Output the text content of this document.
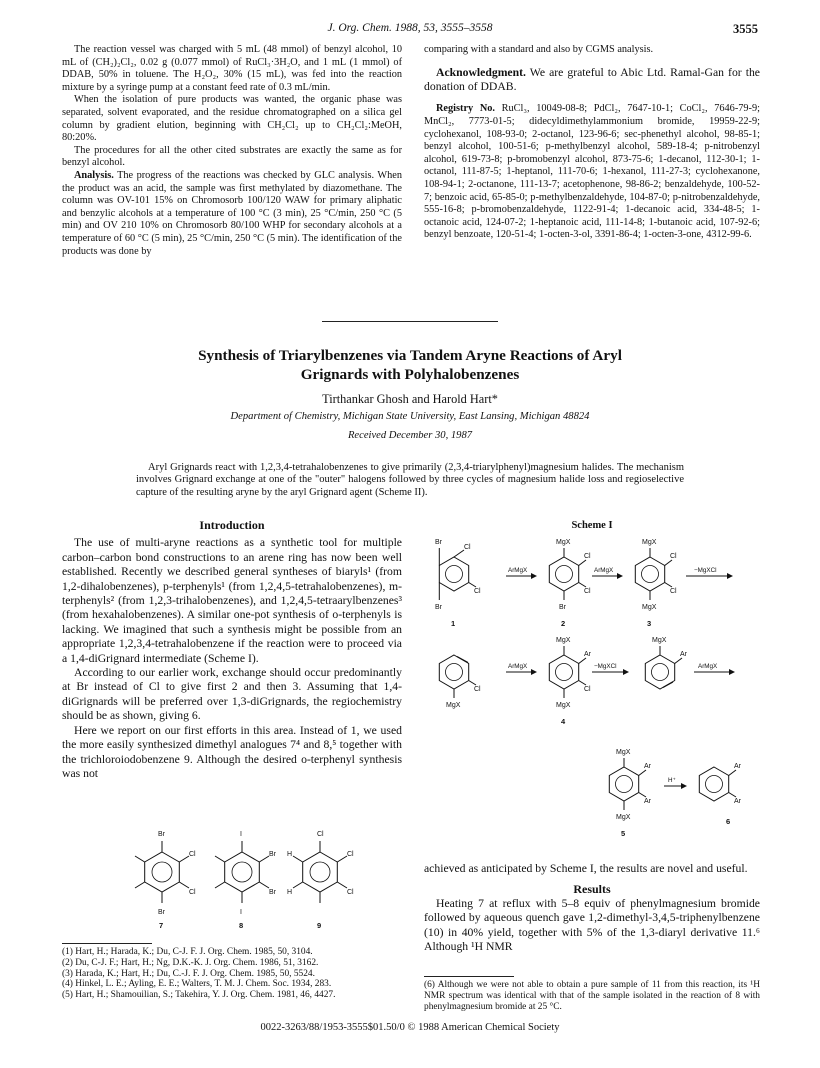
J. Org. Chem. 1988, 53, 3555–3558	3555

The reaction vessel was charged with 5 mL (48 mmol) of benzyl alcohol, 10 mL of (CH₂)₂Cl₂, 0.02 g (0.077 mmol) of RuCl₃·3H₂O, and 1 mL (1 mmol) of DDAB, 50% in toluene. The H₂O₂, 30% (15 mL), was fed into the reaction mixture by a syringe pump at a constant feed rate of 0.3 mL/min.

When the isolation of pure products was wanted, the organic phase was separated, solvent evaporated, and the residue chromatographed on a silica gel column by gradient elution, beginning with CH₂Cl₂ up to CH₂Cl₂:MeOH, 80:20%.

The procedures for all the other cited substrates are exactly the same as for benzyl alcohol.

Analysis. The progress of the reactions was checked by GLC analysis. When the product was an acid, the sample was first methylated by diazomethane. The column was OV-101 15% on Chromosorb 100/120 WAW for primary aliphatic and benzylic alcohols at a temperature of 100 °C (3 min), 25 °C/min, 250 °C (5 min) and OV 210 10% on Chromosorb 80/100 WHP for secondary alcohols at a temperature of 60 °C (5 min), 25 °C/min, 250 °C (5 min). The identification of the products was done by

comparing with a standard and also by CGMS analysis.

Acknowledgment. We are grateful to Abic Ltd. Ramal-Gan for the donation of DDAB.

Registry No. RuCl₃, 10049-08-8; PdCl₂, 7647-10-1; CoCl₂, 7646-79-9; MnCl₂, 7773-01-5; didecyldimethylammonium bromide, 19959-22-9; cyclohexanol, 108-93-0; 2-octanol, 123-96-6; sec-phenethyl alcohol, 98-85-1; benzyl alcohol, 100-51-6; p-methylbenzyl alcohol, 589-18-4; p-nitrobenzyl alcohol, 619-73-8; p-bromobenzyl alcohol, 873-75-6; 1-decanol, 112-30-1; 1-octanol, 111-87-5; 1-heptanol, 111-70-6; 1-hexanol, 111-27-3; cyclohexanone, 108-94-1; 2-octanone, 111-13-7; acetophenone, 98-86-2; benzaldehyde, 100-52-7; benzoic acid, 65-85-0; p-methylbenzaldehyde, 104-87-0; p-nitrobenzaldehyde, 555-16-8; p-bromobenzaldehyde, 1122-91-4; 1-decanoic acid, 334-48-5; 1-octanoic acid, 124-07-2; 1-heptanoic acid, 111-14-8; 1-butanoic acid, 107-92-6; benzyl benzoate, 120-51-4; 1-octen-3-ol, 3391-86-4; 1-octen-3-one, 4312-99-6.

Synthesis of Triarylbenzenes via Tandem Aryne Reactions of Aryl
Grignards with Polyhalobenzenes
Tirthankar Ghosh and Harold Hart*
Department of Chemistry, Michigan State University, East Lansing, Michigan 48824
Received December 30, 1987
Aryl Grignards react with 1,2,3,4-tetrahalobenzenes to give primarily (2,3,4-triarylphenyl)magnesium halides. The mechanism involves Grignard exchange at one of the "outer" halogens followed by three cycles of magnesium halide loss and regioselective capture of the resulting aryne by the aryl Grignard agent (Scheme II).

Introduction

The use of multi-aryne reactions as a synthetic tool for multiple carbon–carbon bond constructions to an arene ring has now been well established. Recently we described general syntheses of biaryls¹ (from 1,2-dihalobenzenes), p-terphenyls¹ (from 1,2,4,5-tetrahalobenzenes), m-terphenyls² (from 1,2,3-trihalobenzenes), and 1,2,4,5-tetraarylbenzenes³ (from hexahalobenzenes). A similar one-pot synthesis of o-terphenyls is lacking. We imagined that such a synthesis might be possible from an appropriate 1,2,3,4-tetrahalobenzene if the reaction were to proceed via a 1,4-diGrignard intermediate (Scheme I).

According to our earlier work, exchange should occur predominantly at Br instead of Cl to give first 2 and then 3. Assuming that 1,4-diGrignards will be preferred over 1,3-diGrignards, the regiochemistry should be as shown, giving 6.

Here we report on our first efforts in this area. Instead of 1, we used the more easily synthesized dimethyl analogues 7⁴ and 8,⁵ together with the trichloroiodobenzene 9. Although the desired o-terphenyl synthesis was not

Br
Br
Cl
Cl
7
I
I
Br
Br
8
Cl
Cl
Cl
H
H
9
Scheme I
Br
Br
Cl
Cl
1
ArMgX
MgX
Br
Cl
Cl
2
ArMgX
MgX
MgX
Cl
Cl
3
−MgXCl
MgX
Cl
ArMgX
MgX
MgX
Ar
Cl
4
−MgXCl
MgX
Ar
ArMgX
MgX
MgX
Ar
Ar
5
H⁺
Ar
Ar
6

achieved as anticipated by Scheme I, the results are novel and useful.

Results

Heating 7 at reflux with 5–8 equiv of phenylmagnesium bromide followed by aqueous quench gave 1,2-dimethyl-3,4,5-triphenylbenzene (10) in 40% yield, together with 5% of the 1,3-diaryl derivative 11.⁶ Although ¹H NMR

(1) Hart, H.; Harada, K.; Du, C-J. F. J. Org. Chem. 1985, 50, 3104.

(2) Du, C-J. F.; Hart, H.; Ng, D.K.-K. J. Org. Chem. 1986, 51, 3162.

(3) Harada, K.; Hart, H.; Du, C.-J. F. J. Org. Chem. 1985, 50, 5524.

(4) Hinkel, L. E.; Ayling, E. E.; Walters, T. M. J. Chem. Soc. 1934, 283.

(5) Hart, H.; Shamouilian, S.; Takehira, Y. J. Org. Chem. 1981, 46, 4427.

(6) Although we were not able to obtain a pure sample of 11 from this reaction, its ¹H NMR spectrum was identical with that of the sample isolated in the reaction of 8 with phenylmagnesium bromide at 25 °C.
0022-3263/88/1953-3555$01.50/0 © 1988 American Chemical Society
